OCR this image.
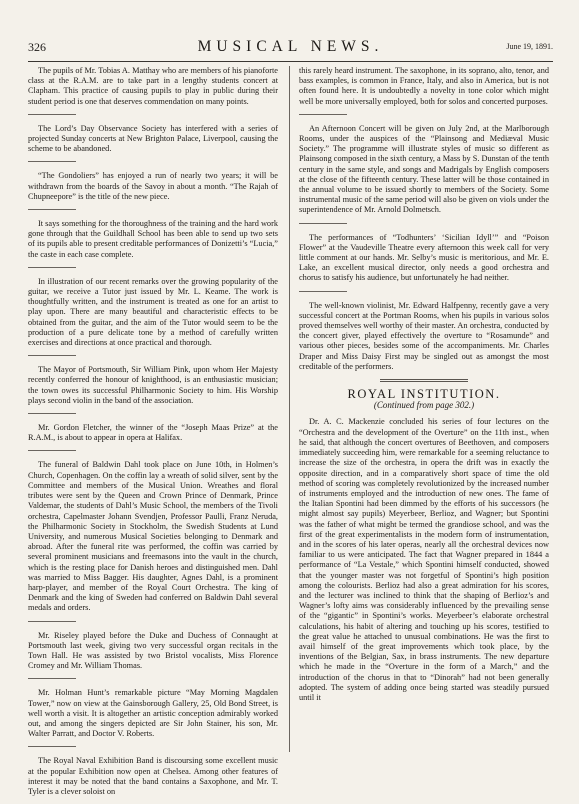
326	MUSICAL NEWS.	June 19, 1891.

The pupils of Mr. Tobias A. Matthay who are members of his pianoforte class at the R.A.M. are to take part in a lengthy students concert at Clapham. This practice of causing pupils to play in public during their student period is one that deserves commendation on many points.

The Lord’s Day Observance Society has interfered with a series of projected Sunday concerts at New Brighton Palace, Liverpool, causing the scheme to be abandoned.

“The Gondoliers” has enjoyed a run of nearly two years; it will be withdrawn from the boards of the Savoy in about a month. “The Rajah of Chupneepore” is the title of the new piece.

It says something for the thoroughness of the training and the hard work gone through that the Guildhall School has been able to send up two sets of its pupils able to present creditable performances of Donizetti’s “Lucia,” the caste in each case complete.

In illustration of our recent remarks over the growing popularity of the guitar, we receive a Tutor just issued by Mr. L. Keame. The work is thoughtfully written, and the instrument is treated as one for an artist to play upon. There are many beautiful and characteristic effects to be obtained from the guitar, and the aim of the Tutor would seem to be the production of a pure delicate tone by a method of carefully written exercises and directions at once practical and thorough.

The Mayor of Portsmouth, Sir William Pink, upon whom Her Majesty recently conferred the honour of knighthood, is an enthusiastic musician; the town owes its successful Philharmonic Society to him. His Worship plays second violin in the band of the association.

Mr. Gordon Fletcher, the winner of the “Joseph Maas Prize” at the R.A.M., is about to appear in opera at Halifax.

The funeral of Baldwin Dahl took place on June 10th, in Holmen’s Church, Copenhagen. On the coffin lay a wreath of solid silver, sent by the Committee and members of the Musical Union. Wreathes and floral tributes were sent by the Queen and Crown Prince of Denmark, Prince Valdemar, the students of Dahl’s Music School, the members of the Tivoli orchestra, Capelmaster Johann Svendjen, Professor Paulli, Franz Neruda, the Philharmonic Society in Stockholm, the Swedish Students at Lund University, and numerous Musical Societies belonging to Denmark and abroad. After the funeral rite was performed, the coffin was carried by several prominent musicians and freemasons into the vault in the church, which is the resting place for Danish heroes and distinguished men. Dahl was married to Miss Bagger. His daughter, Agnes Dahl, is a prominent harp-player, and member of the Royal Court Orchestra. The king of Denmark and the king of Sweden had conferred on Baldwin Dahl several medals and orders.

Mr. Riseley played before the Duke and Duchess of Connaught at Portsmouth last week, giving two very successful organ recitals in the Town Hall. He was assisted by two Bristol vocalists, Miss Florence Cromey and Mr. William Thomas.

Mr. Holman Hunt’s remarkable picture “May Morning Magdalen Tower,” now on view at the Gainsborough Gallery, 25, Old Bond Street, is well worth a visit. It is altogether an artistic conception admirably worked out, and among the singers depicted are Sir John Stainer, his son, Mr. Walter Parratt, and Doctor V. Roberts.

The Royal Naval Exhibition Band is discoursing some excellent music at the popular Exhibition now open at Chelsea. Among other features of interest it may be noted that the band contains a Saxophone, and Mr. T. Tyler is a clever soloist on

this rarely heard instrument. The saxophone, in its soprano, alto, tenor, and bass examples, is common in France, Italy, and also in America, but is not often found here. It is undoubtedly a novelty in tone color which might well be more universally employed, both for solos and concerted purposes.

An Afternoon Concert will be given on July 2nd, at the Marlborough Rooms, under the auspices of the “Plainsong and Mediæval Music Society.” The programme will illustrate styles of music so different as Plainsong composed in the sixth century, a Mass by S. Dunstan of the tenth century in the same style, and songs and Madrigals by English composers at the close of the fifteenth century. These latter will be those contained in the annual volume to be issued shortly to members of the Society. Some instrumental music of the same period will also be given on viols under the superintendence of Mr. Arnold Dolmetsch.

The performances of “Todhunters’ ‘Sicilian Idyll’” and “Poison Flower” at the Vaudeville Theatre every afternoon this week call for very little comment at our hands. Mr. Selby’s music is meritorious, and Mr. E. Lake, an excellent musical director, only needs a good orchestra and chorus to satisfy his audience, but unfortunately he had neither.

The well-known violinist, Mr. Edward Halfpenny, recently gave a very successful concert at the Portman Rooms, when his pupils in various solos proved themselves well worthy of their master. An orchestra, conducted by the concert giver, played effectively the overture to “Rosamunde” and various other pieces, besides some of the accompaniments. Mr. Charles Draper and Miss Daisy First may be singled out as amongst the most creditable of the performers.

ROYAL INSTITUTION.
(Continued from page 302.)

Dr. A. C. Mackenzie concluded his series of four lectures on the “Orchestra and the development of the Overture” on the 11th inst., when he said, that although the concert overtures of Beethoven, and composers immediately succeeding him, were remarkable for a seeming reluctance to increase the size of the orchestra, in opera the drift was in exactly the opposite direction, and in a comparatively short space of time the old method of scoring was completely revolutionized by the increased number of instruments employed and the introduction of new ones. The fame of the Italian Spontini had been dimmed by the efforts of his successors (he might almost say pupils) Meyerbeer, Berlioz, and Wagner; but Spontini was the father of what might be termed the grandiose school, and was the first of the great experimentalists in the modern form of instrumentation, and in the scores of his later operas, nearly all the orchestral devices now familiar to us were anticipated. The fact that Wagner prepared in 1844 a performance of “La Vestale,” which Spontini himself conducted, showed that the younger master was not forgetful of Spontini’s high position among the colourists. Berlioz had also a great admiration for his scores, and the lecturer was inclined to think that the shaping of Berlioz’s and Wagner’s lofty aims was considerably influenced by the prevailing sense of the “gigantic” in Spontini’s works. Meyerbeer’s elaborate orchestral calculations, his habit of altering and touching up his scores, testified to the great value he attached to unusual combinations. He was the first to avail himself of the great improvements which took place, by the inventions of the Belgian, Sax, in brass instruments. The new departure which he made in the “Overture in the form of a March,” and the introduction of the chorus in that to “Dinorah” had not been generally adopted. The system of adding once being started was steadily pursued until it
